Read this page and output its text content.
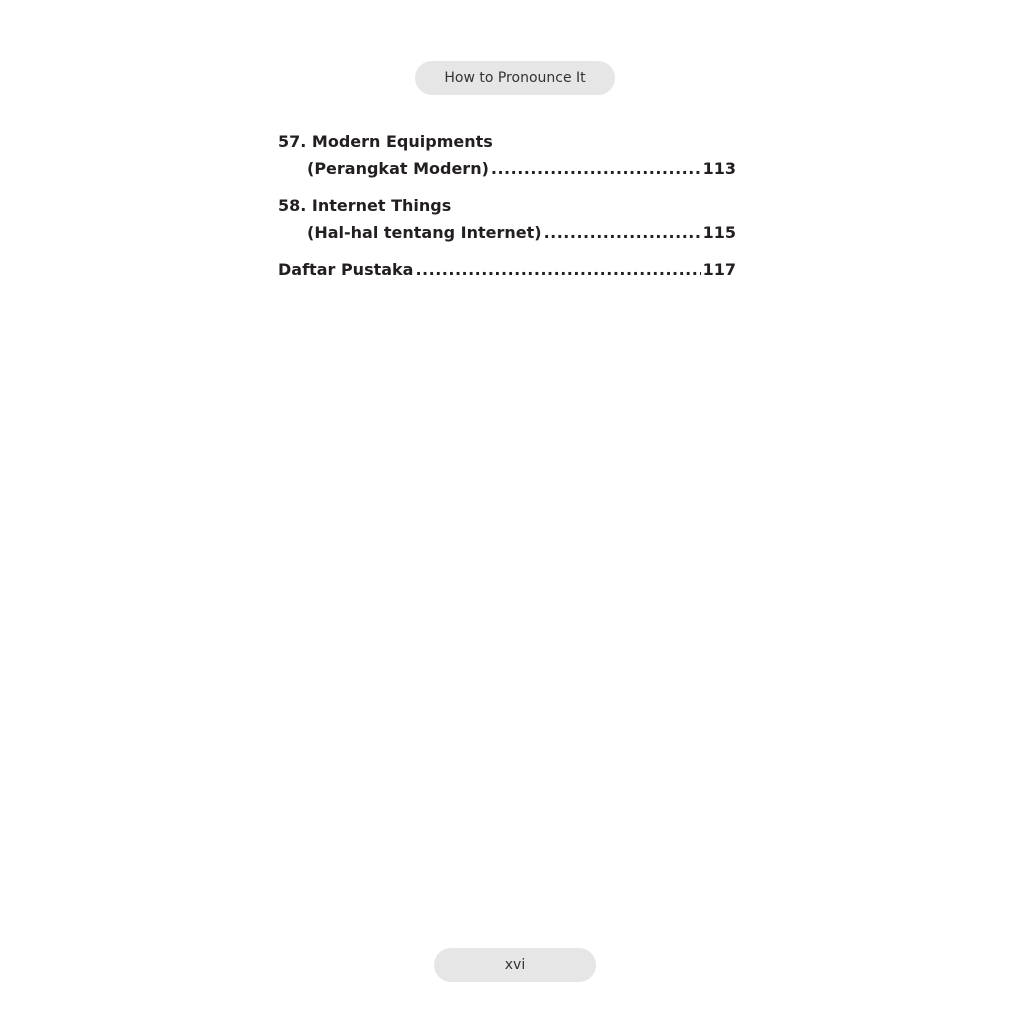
How to Pronounce It
57. Modern Equipments
(Perangkat Modern) .....	113
58. Internet Things
(Hal-hal tentang Internet) .....	115
Daftar Pustaka .....	117
xvi
